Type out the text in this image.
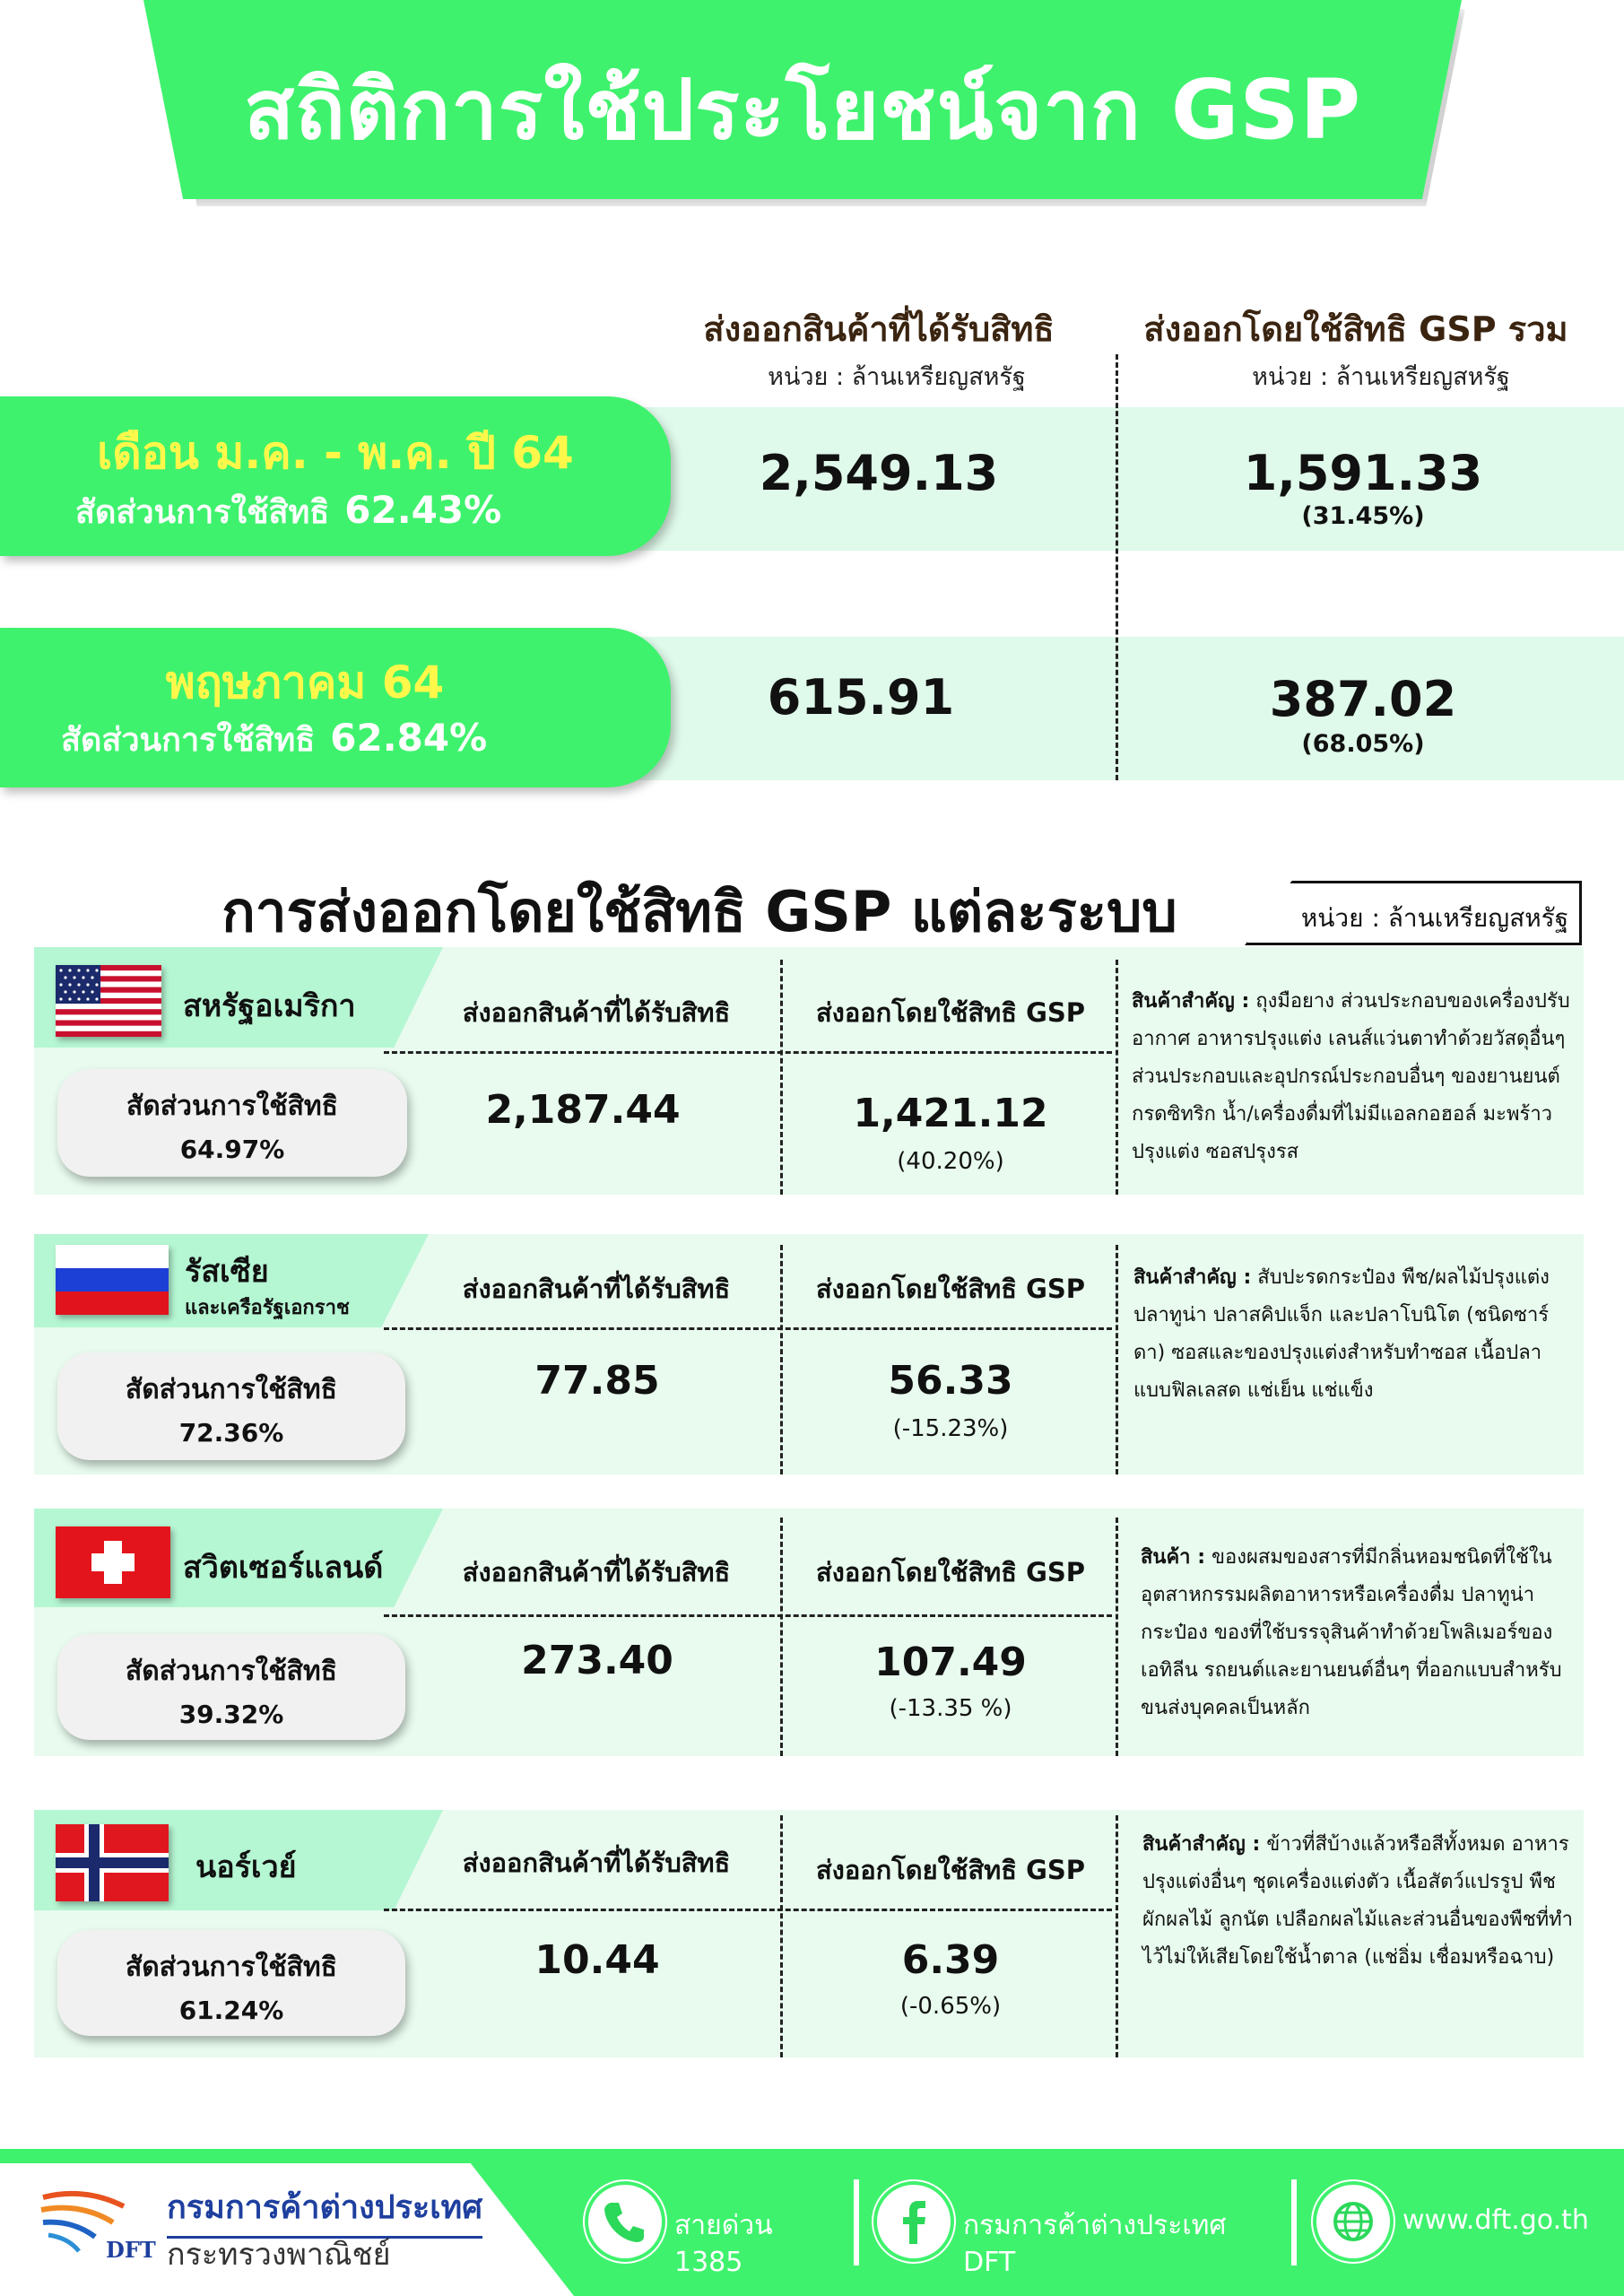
สถิติการใช้ประโยชน์จาก GSP
ส่งออกสินค้าที่ได้รับสิทธิ
หน่วย : ล้านเหรียญสหรัฐ
ส่งออกโดยใช้สิทธิ GSP รวม
หน่วย : ล้านเหรียญสหรัฐ
เดือน ม.ค. - พ.ค. ปี 64
สัดส่วนการใช้สิทธิ 62.43%
2,549.13	1,591.33
(31.45%)
พฤษภาคม 64
สัดส่วนการใช้สิทธิ 62.84%
615.91	387.02
(68.05%)
การส่งออกโดยใช้สิทธิ GSP แต่ละระบบ	หน่วย : ล้านเหรียญสหรัฐ
สหรัฐอเมริกา	ส่งออกสินค้าที่ได้รับสิทธิ	ส่งออกโดยใช้สิทธิ GSP
สัดส่วนการใช้สิทธิ
64.97%
2,187.44	1,421.12
(40.20%)
สินค้าสำคัญ : ถุงมือยาง ส่วนประกอบของเครื่องปรับอากาศ อาหารปรุงแต่ง เลนส์แว่นตาทำด้วยวัสดุอื่นๆ ส่วนประกอบและอุปกรณ์ประกอบอื่นๆ ของยานยนต์ กรดซิทริก น้ำ/เครื่องดื่มที่ไม่มีแอลกอฮอล์ มะพร้าวปรุงแต่ง ซอสปรุงรส
รัสเซีย
และเครือรัฐเอกราช
ส่งออกสินค้าที่ได้รับสิทธิ	ส่งออกโดยใช้สิทธิ GSP
สัดส่วนการใช้สิทธิ
72.36%
77.85	56.33
(-15.23%)
สินค้าสำคัญ : สับปะรดกระป๋อง พืช/ผลไม้ปรุงแต่ง ปลาทูน่า ปลาสคิปแจ็ก และปลาโบนิโต (ชนิดซาร์ดา) ซอสและของปรุงแต่งสำหรับทำซอส เนื้อปลาแบบฟิลเลสด แช่เย็น แช่แข็ง
สวิตเซอร์แลนด์	ส่งออกสินค้าที่ได้รับสิทธิ	ส่งออกโดยใช้สิทธิ GSP
สัดส่วนการใช้สิทธิ
39.32%
273.40	107.49
(-13.35 %)
สินค้า : ของผสมของสารที่มีกลิ่นหอมชนิดที่ใช้ในอุตสาหกรรมผลิตอาหารหรือเครื่องดื่ม ปลาทูน่ากระป๋อง ของที่ใช้บรรจุสินค้าทำด้วยโพลิเมอร์ของเอทิลีน รถยนต์และยานยนต์อื่นๆ ที่ออกแบบสำหรับขนส่งบุคคลเป็นหลัก
นอร์เวย์	ส่งออกสินค้าที่ได้รับสิทธิ	ส่งออกโดยใช้สิทธิ GSP
สัดส่วนการใช้สิทธิ
61.24%
10.44	6.39
(-0.65%)
สินค้าสำคัญ : ข้าวที่สีบ้างแล้วหรือสีทั้งหมด อาหารปรุงแต่งอื่นๆ ชุดเครื่องแต่งตัว เนื้อสัตว์แปรรูป พืช ผักผลไม้ ลูกนัต เปลือกผลไม้และส่วนอื่นของพืชที่ทำไว้ไม่ให้เสียโดยใช้น้ำตาล (แช่อิ่ม เชื่อมหรือฉาบ)
DFT
กรมการค้าต่างประเทศ
กระทรวงพาณิชย์
สายด่วน 1385
กรมการค้าต่างประเทศ DFT
www.dft.go.th
